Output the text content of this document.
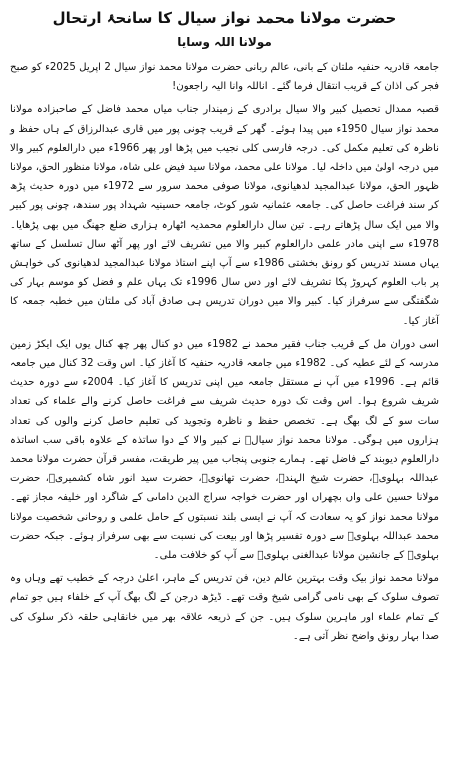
حضرت مولانا محمد نواز سیال کا سانحۂ ارتحال
مولانا اللہ وسایا

جامعہ قادریہ حنفیہ ملتان کے بانی، عالم ربانی حضرت مولانا محمد نواز سیال 2 اپریل 2025ء کو صبح فجر کی اذان کے قریب انتقال فرما گئے۔ اناللہ وانا الیہ راجعون!

قصبہ ممدال تحصیل کبیر والا سیال برادری کے زمیندار جناب میاں محمد فاضل کے صاحبزادہ مولانا محمد نواز سیال 1950ء میں پیدا ہوئے۔ گھر کے قریب چونی پور میں قاری عبدالرزاق کے ہاں حفظ و ناظرہ کی تعلیم مکمل کی۔ درجہ فارسی کلی نجیب میں پڑھا اور پھر 1966ء میں دارالعلوم کبیر والا میں درجہ اولیٰ میں داخلہ لیا۔ مولانا علی محمد، مولانا سید فیض علی شاہ، مولانا منظور الحق، مولانا ظہور الحق، مولانا عبدالمجید لدھیانوی، مولانا صوفی محمد سرور سے 1972ء میں دورہ حدیث پڑھ کر سند فراغت حاصل کی۔ جامعہ عثمانیہ شور کوٹ، جامعہ حسینیہ شہداد پور سندھ، چونی پور کبیر والا میں ایک سال پڑھاتے رہے۔ تین سال دارالعلوم محمدیہ اٹھارہ ہزاری ضلع جھنگ میں بھی پڑھایا۔ 1978ء سے اپنی مادر علمی دارالعلوم کبیر والا میں تشریف لائے اور پھر آٹھ سال تسلسل کے ساتھ یہاں مسند تدریس کو رونق بخشتی 1986ء سے آپ اپنے استاذ مولانا عبدالمجید لدھیانوی کی خواہش پر باب العلوم کہروڑ پکا تشریف لائے اور دس سال 1996ء تک یہاں علم و فضل کو موسم بہار کی شگفتگی سے سرفراز کیا۔ کبیر والا میں دوران تدریس ہی صادق آباد کی ملتان میں خطبہ جمعہ کا آغاز کیا۔

اسی دوران مل کے قریب جناب فقیر محمد نے 1982ء میں دو کنال پھر چھ کنال یوں ایک ایکڑ زمین مدرسہ کے لئے عطیہ کی۔ 1982ء میں جامعہ قادریہ حنفیہ کا آغاز کیا۔ اس وقت 32 کنال میں جامعہ قائم ہے۔ 1996ء میں آپ نے مستقل جامعہ میں اپنی تدریس کا آغاز کیا۔ 2004ء سے دورہ حدیث شریف شروع ہوا۔ اس وقت تک دورہ حدیث شریف سے فراغت حاصل کرنے والے علماء کی تعداد سات سو کے لگ بھگ ہے۔ تخصص حفظ و ناظرہ وتجوید کی تعلیم حاصل کرنے والوں کی تعداد ہزاروں میں ہوگی۔ مولانا محمد نواز سیالؒ نے کبیر والا کے دوا ساتذہ کے علاوہ باقی سب اساتذہ دارالعلوم دیوبند کے فاضل تھے۔ ہمارے جنوبی پنجاب میں پیر طریقت، مفسر قرآن حضرت مولانا محمد عبداللہ بہلویؒ، حضرت شیخ الہندؒ، حضرت تھانویؒ، حضرت سید انور شاہ کشمیریؒ، حضرت مولانا حسین علی واں بچھراں اور حضرت خواجہ سراج الدین داماںی کے شاگرد اور خلیفہ مجاز تھے۔ مولانا محمد نواز کو یہ سعادت کہ آپ نے ایسی بلند نسبتوں کے حامل علمی و روحانی شخصیت مولانا محمد عبداللہ بہلویؒ سے دورہ تفسیر پڑھا اور بیعت کی نسبت سے بھی سرفراز ہوئے۔ جبکہ حضرت بہلویؒ کے جانشین مولانا عبدالغنی بہلویؒ سے آپ کو خلافت ملی۔

مولانا محمد نواز بیک وقت بہترین عالم دین، فن تدریس کے ماہر، اعلیٰ درجہ کے خطیب تھے وہاں وہ تصوف سلوک کے بھی نامی گرامی شیخ وقت تھے۔ ڈیڑھ درجن کے لگ بھگ آپ کے خلفاء ہیں جو تمام کے تمام علماء اور ماہرین سلوک ہیں۔ جن کے ذریعہ علاقہ بھر میں خانقاہی حلقہ ذکر سلوک کی صدا بہار رونق واضح نظر آتی ہے۔
